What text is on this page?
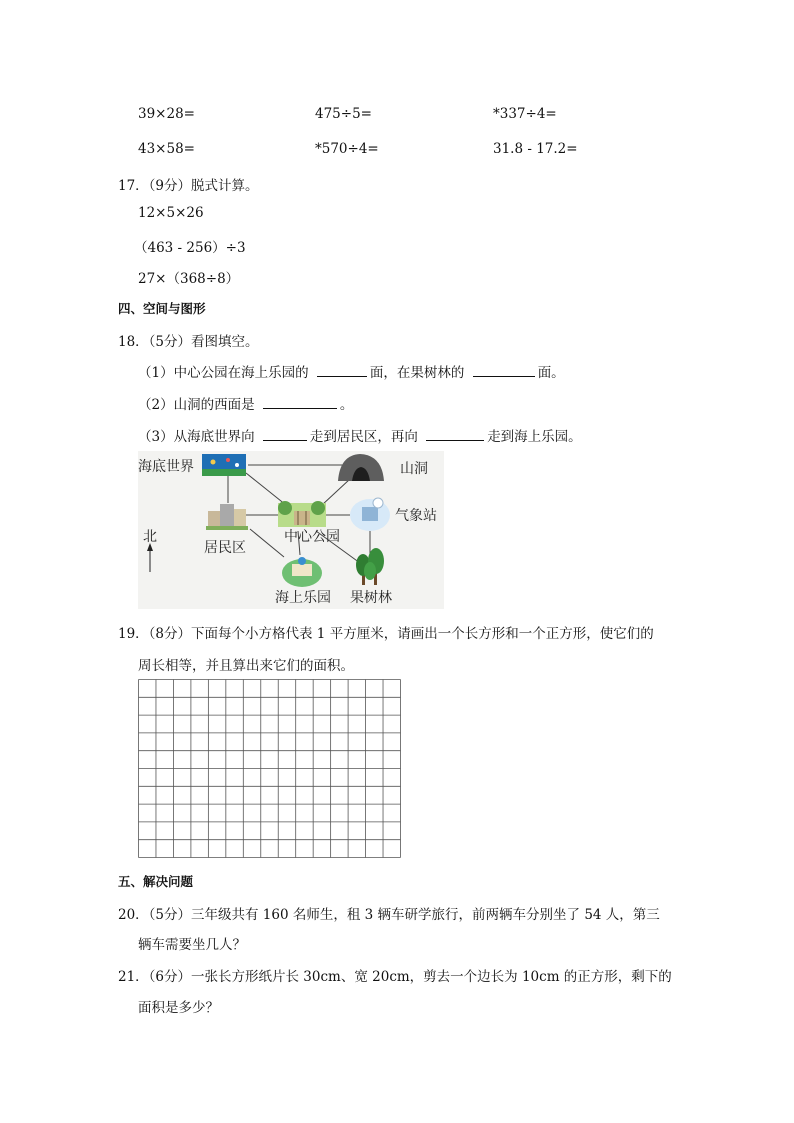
39×28=	475÷5=	*337÷4=
43×58=	*570÷4=	31.8 - 17.2=
17．（9分）脱式计算。
12×5×26
（463 - 256）÷3
27×（368÷8）
四、空间与图形
18．（5分）看图填空。
（1）中心公园在海上乐园的	面，在果树林的	面。
（2）山洞的西面是	。
（3）从海底世界向	走到居民区，再向	走到海上乐园。
海底世界	山洞
气象站
中心公园
居民区
海上乐园 果树林
北
19．（8分）下面每个小方格代表 1 平方厘米，请画出一个长方形和一个正方形，使它们的
周长相等，并且算出来它们的面积。
五、解决问题
20．（5分）三年级共有 160 名师生，租 3 辆车研学旅行，前两辆车分别坐了 54 人，第三
辆车需要坐几人？
21．（6分）一张长方形纸片长 30cm、宽 20cm，剪去一个边长为 10cm 的正方形，剩下的
面积是多少？
